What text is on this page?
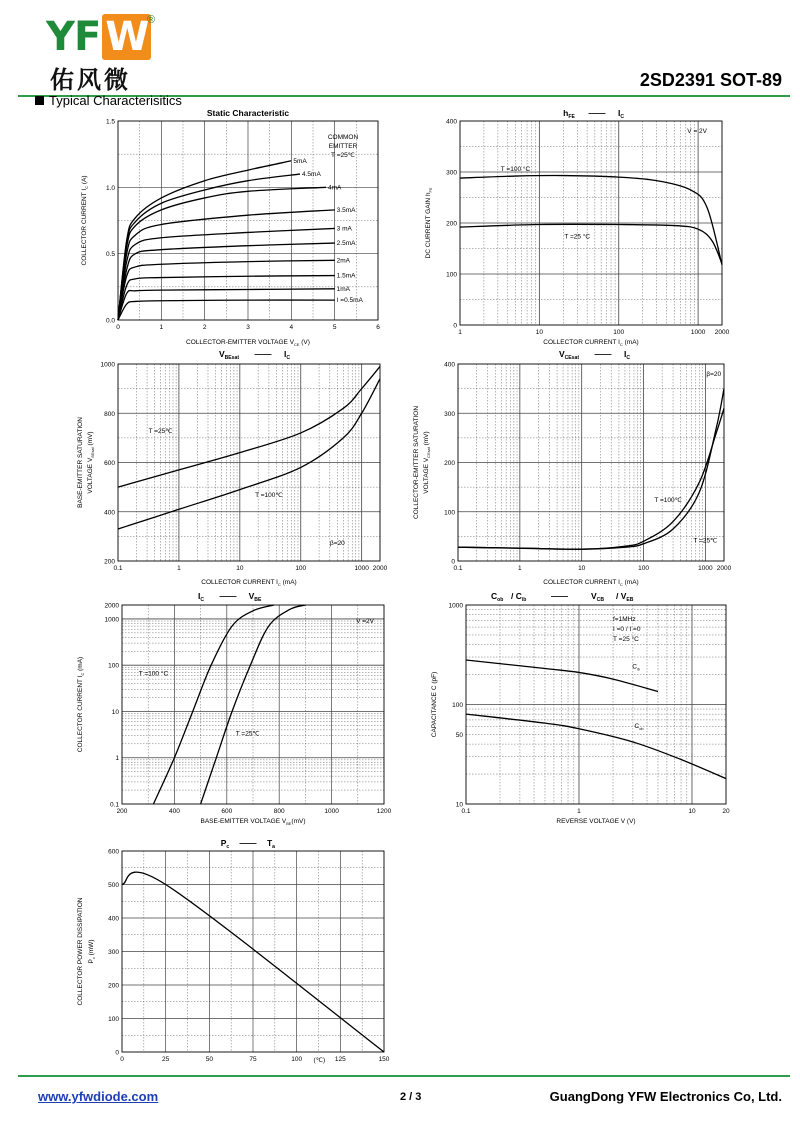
YF W
®
佑风微	2SD2391 SOT-89
Typical Characterisitics
0	1	2	3	4	5	6
0.0
0.5
1.0
1.5
Static Characteristic
COLLECTOR-EMITTER VOLTAGE $V_{CE}$ (V)
COLLECTOR CURRENT $I_C$ (A)
COMMON
EMITTER
T =25℃
I =0.5mA
1mA
1.5mA
2mA
2.5mA
3 mA
3.5mA
4mA
4.5mA
5mA
1	10	100	1000 2000
0
100
200
300
400
$h_{FE}$ —— $I_C$
COLLECTOR CURRENT $I_C$ (mA)
DC CURRENT GAIN $h_{FE}$
V = 2V
T =100 °C
T =25 °C
0.1	1	10	100	1000 2000
200
400
600
800
1000
$V_{BEsat}$ —— $I_C$
COLLECTOR CURRENT $I_C$ (mA)
BASE-EMITTER SATURATION VOLTAGE $V_{BEsat}$ (mV)	T =25℃
T =100℃
β=20
0.1	1	10	100	1000 2000
0
100
200
300
400
$V_{CEsat}$ —— $I_C$
COLLECTOR CURRENT $I_C$ (mA)
COLLECTOR-EMITTER SATURATION VOLTAGE $V_{CEsat}$ (mV)
β=20
T =100℃
T =25℃
200	400	600	800	1000	1200
0.1
1
10
100
1000
2000
$I_C$ —— $V_{BE}$
BASE-EMITTER VOLTAGE $V_{BE}(mV)$
COLLECTOR CURRENT $I_C$ (mA)
V =2V
T =100 °C
T =25℃
0.1	1	10	20
10
50
100
1000
$C_{ob} / C_{ib}$	——	$V_{CB} / V_{EB}$
REVERSE VOLTAGE V (V)
CAPACITANCE C (pF)
f=1MHz
I =0 / I =0
T =25 °C
$C_{ib}$
$C_{ob}$
0	25	50	75	100	125	150
0
100
200
300
400
500
600
$P_c$ —— $T_a$
(℃)
COLLECTOR POWER DISSIPATION $P_c$ (mW)
www.yfwdiode.com	2 / 3	GuangDong YFW Electronics Co, Ltd.
